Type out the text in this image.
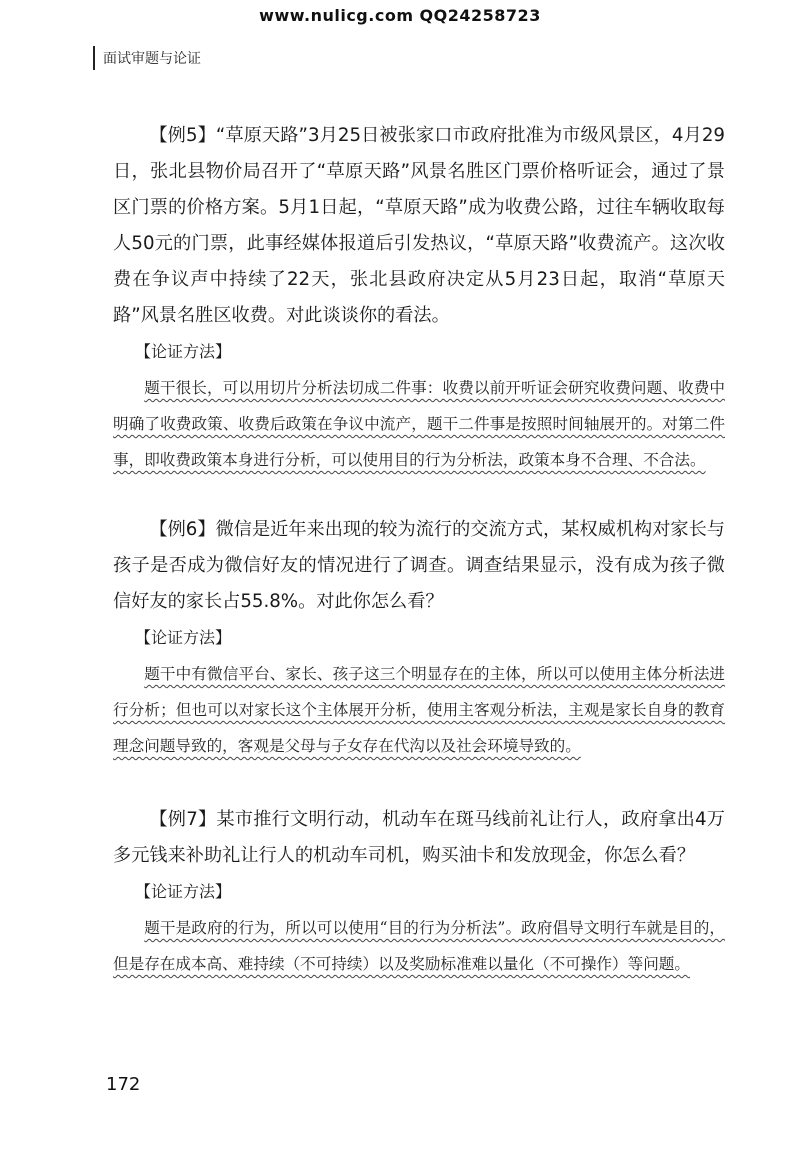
www.nulicg.com QQ24258723
面试审题与论证

【例5】“草原天路”3月25日被张家口市政府批准为市级风景区，4月29日，张北县物价局召开了“草原天路”风景名胜区门票价格听证会，通过了景区门票的价格方案。5月1日起，“草原天路”成为收费公路，过往车辆收取每人50元的门票，此事经媒体报道后引发热议，“草原天路”收费流产。这次收费在争议声中持续了22天，张北县政府决定从5月23日起，取消“草原天路”风景名胜区收费。对此谈谈你的看法。

【论证方法】

题干很长，可以用切片分析法切成二件事：收费以前开听证会研究收费问题、收费中明确了收费政策、收费后政策在争议中流产，题干二件事是按照时间轴展开的。对第二件事，即收费政策本身进行分析，可以使用目的行为分析法，政策本身不合理、不合法。

【例6】微信是近年来出现的较为流行的交流方式，某权威机构对家长与孩子是否成为微信好友的情况进行了调查。调查结果显示，没有成为孩子微信好友的家长占55.8%。对此你怎么看？

【论证方法】

题干中有微信平台、家长、孩子这三个明显存在的主体，所以可以使用主体分析法进行分析；但也可以对家长这个主体展开分析，使用主客观分析法，主观是家长自身的教育理念问题导致的，客观是父母与子女存在代沟以及社会环境导致的。

【例7】某市推行文明行动，机动车在斑马线前礼让行人，政府拿出4万多元钱来补助礼让行人的机动车司机，购买油卡和发放现金，你怎么看？

【论证方法】

题干是政府的行为，所以可以使用“目的行为分析法”。政府倡导文明行车就是目的，但是存在成本高、难持续（不可持续）以及奖励标准难以量化（不可操作）等问题。

172
